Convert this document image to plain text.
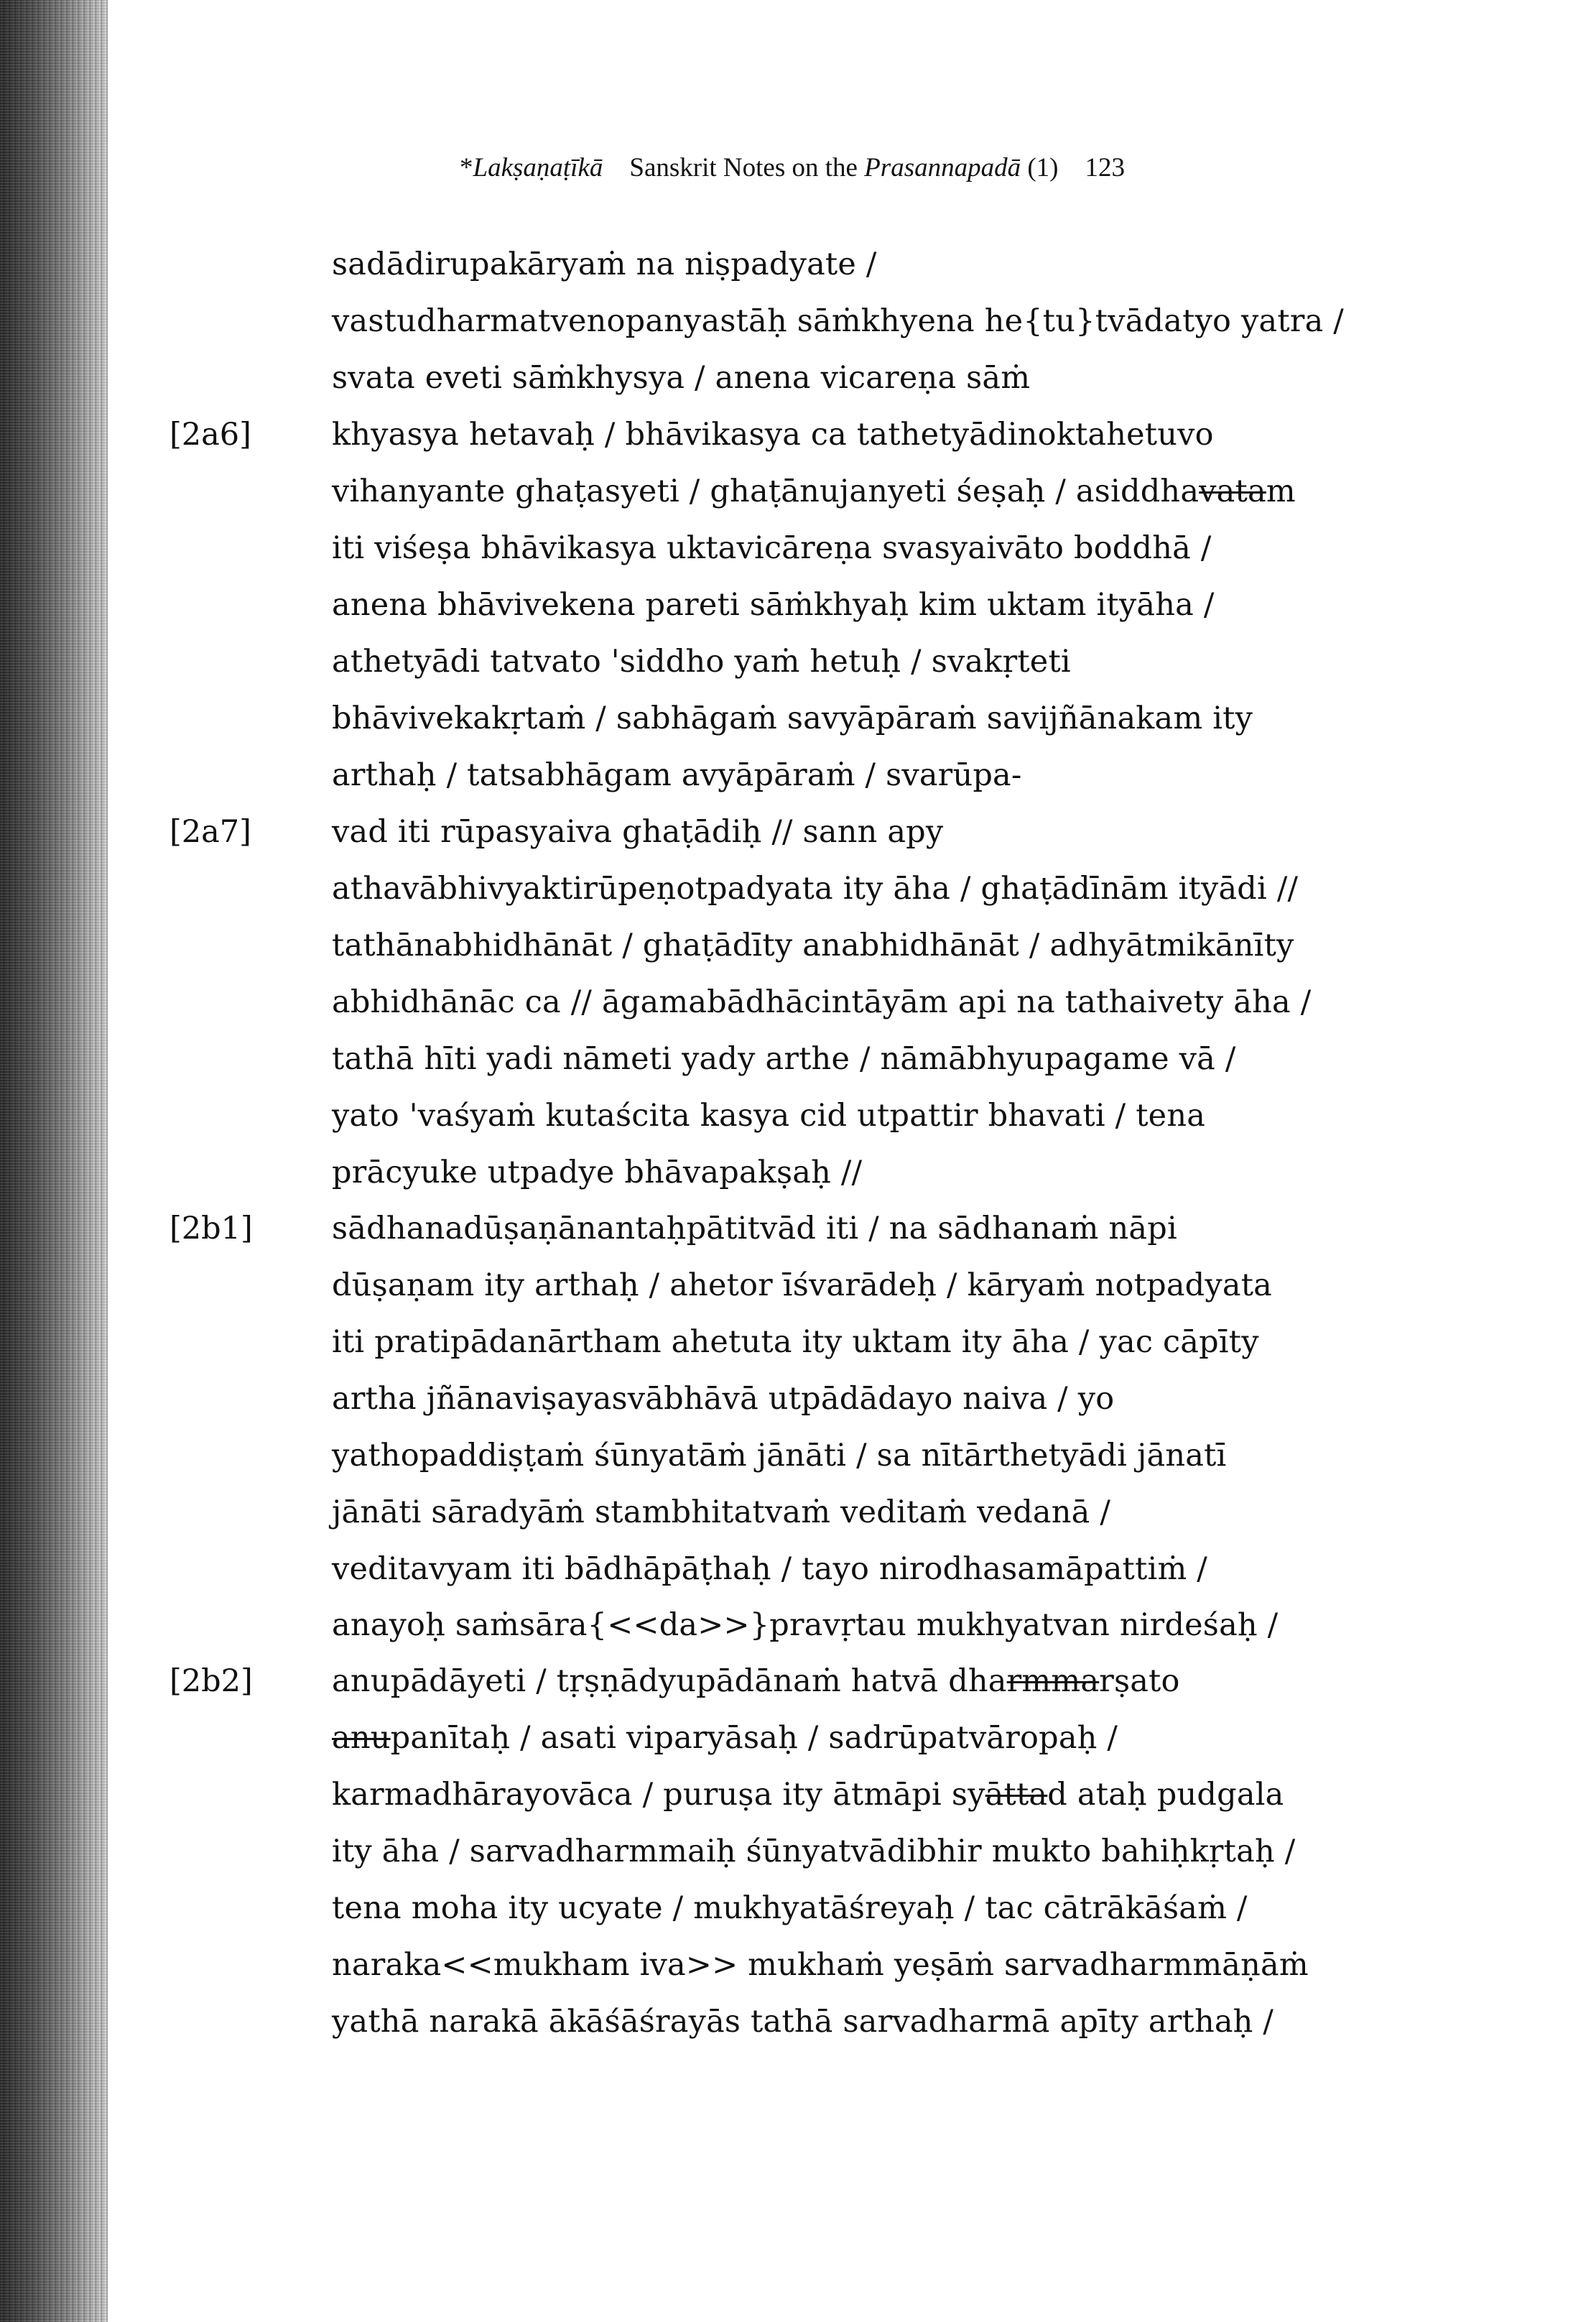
*Lakṣaṇaṭīkā Sanskrit Notes on the Prasannapadā (1) 123
[2a6]
[2a7]
[2b1]
[2b2]
sadādirupakāryaṁ na niṣpadyate /
vastudharmatvenopanyastāḥ sāṁkhyena he{tu}tvādatyo yatra /
svata eveti sāṁkhysya / anena vicareṇa sāṁ
khyasya hetavaḥ / bhāvikasya ca tathetyādinoktahetuvo
vihanyante ghaṭasyeti / ghaṭānujanyeti śeṣaḥ / asiddhavatam
iti viśeṣa bhāvikasya uktavicāreṇa svasyaivāto boddhā /
anena bhāvivekena pareti sāṁkhyaḥ kim uktam ityāha /
athetyādi tatvato 'siddho yaṁ hetuḥ / svakṛteti
bhāvivekakṛtaṁ / sabhāgaṁ savyāpāraṁ savijñānakam ity
arthaḥ / tatsabhāgam avyāpāraṁ / svarūpa-
vad iti rūpasyaiva ghaṭādiḥ // sann apy
athavābhivyaktirūpeṇotpadyata ity āha / ghaṭādīnām ityādi //
tathānabhidhānāt / ghaṭādīty anabhidhānāt / adhyātmikānīty
abhidhānāc ca // āgamabādhācintāyām api na tathaivety āha /
tathā hīti yadi nāmeti yady arthe / nāmābhyupagame vā /
yato 'vaśyaṁ kutaścita kasya cid utpattir bhavati / tena
prācyuke utpadye bhāvapakṣaḥ //
sādhanadūṣaṇānantaḥpātitvād iti / na sādhanaṁ nāpi
dūṣaṇam ity arthaḥ / ahetor īśvarādeḥ / kāryaṁ notpadyata
iti pratipādanārtham ahetuta ity uktam ity āha / yac cāpīty
artha jñānaviṣayasvābhāvā utpādādayo naiva / yo
yathopaddiṣṭaṁ śūnyatāṁ jānāti / sa nītārthetyādi jānatī
jānāti sāradyāṁ stambhitatvaṁ veditaṁ vedanā /
veditavyam iti bādhāpāṭhaḥ / tayo nirodhasamāpattiṁ /
anayoḥ saṁsāra{<<da>>}pravṛtau mukhyatvan nirdeśaḥ /
anupādāyeti / tṛṣṇādyupādānaṁ hatvā dharmmarṣato
anupanītaḥ / asati viparyāsaḥ / sadrūpatvāropaḥ /
karmadhārayovāca / puruṣa ity ātmāpi syāttad ataḥ pudgala
ity āha / sarvadharmmaiḥ śūnyatvādibhir mukto bahiḥkṛtaḥ /
tena moha ity ucyate / mukhyatāśreyaḥ / tac cātrākāśaṁ /
naraka<<mukham iva>> mukhaṁ yeṣāṁ sarvadharmmāṇāṁ
yathā narakā ākāśāśrayās tathā sarvadharmā apīty arthaḥ /
